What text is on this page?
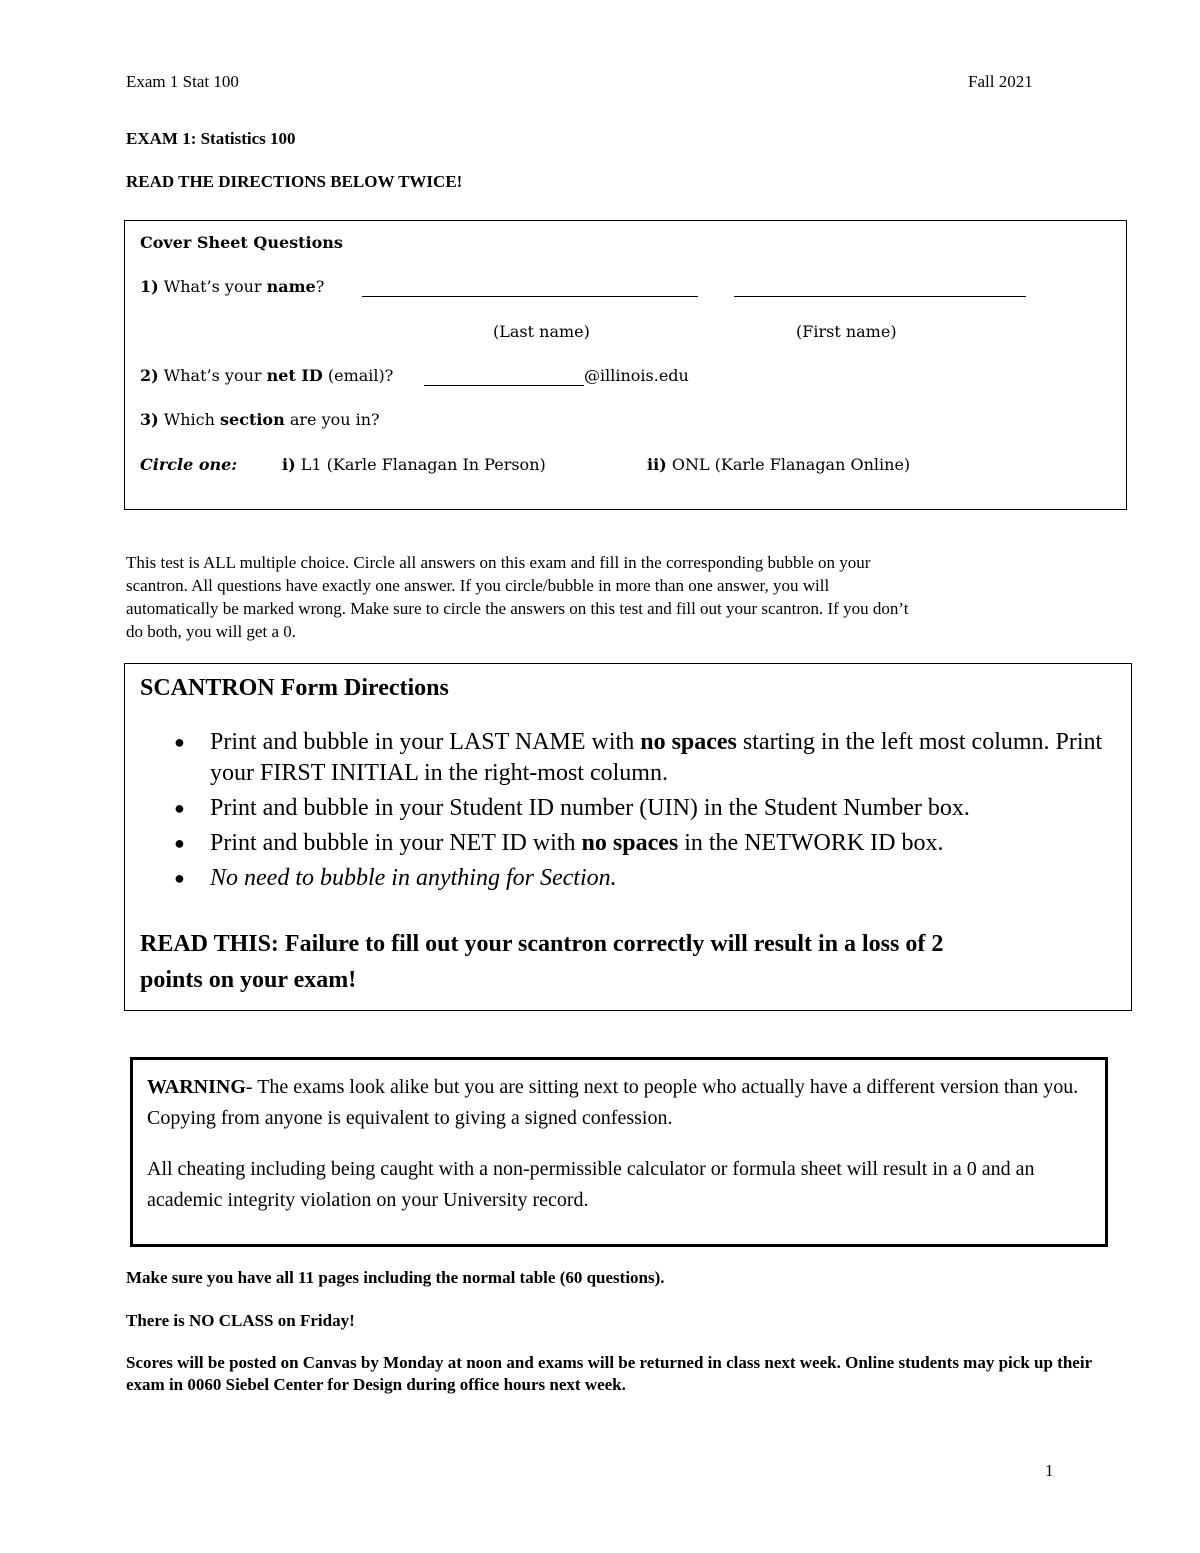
Exam 1 Stat 100	Fall 2021
EXAM 1: Statistics 100
READ THE DIRECTIONS BELOW TWICE!
Cover Sheet Questions
1) What’s your name?
(Last name)	(First name)
2) What’s your net ID (email)?	@illinois.edu
3) Which section are you in?
Circle one:	i) L1 (Karle Flanagan In Person)	ii) ONL (Karle Flanagan Online)
This test is ALL multiple choice. Circle all answers on this exam and fill in the corresponding bubble on your
scantron. All questions have exactly one answer. If you circle/bubble in more than one answer, you will
automatically be marked wrong. Make sure to circle the answers on this test and fill out your scantron. If you don’t
do both, you will get a 0.
SCANTRON Form Directions
● Print and bubble in your LAST NAME with no spaces starting in the left most column. Print your FIRST INITIAL in the right-most column.
● Print and bubble in your Student ID number (UIN) in the Student Number box.
● Print and bubble in your NET ID with no spaces in the NETWORK ID box.
● No need to bubble in anything for Section.
READ THIS: Failure to fill out your scantron correctly will result in a loss of 2
points on your exam!
WARNING- The exams look alike but you are sitting next to people who actually have a different version than you. Copying from anyone is equivalent to giving a signed confession.
All cheating including being caught with a non-permissible calculator or formula sheet will result in a 0 and an academic integrity violation on your University record.
Make sure you have all 11 pages including the normal table (60 questions).
There is NO CLASS on Friday!
Scores will be posted on Canvas by Monday at noon and exams will be returned in class next week. Online students may pick up their exam in 0060 Siebel Center for Design during office hours next week.
1
